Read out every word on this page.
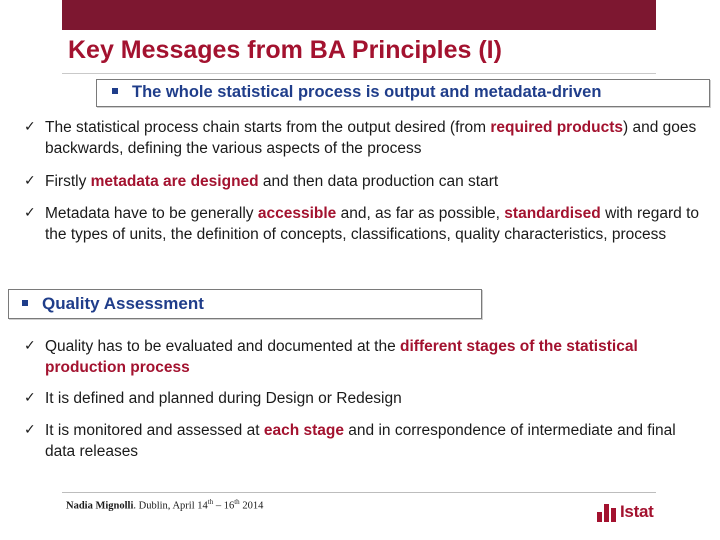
Key Messages from BA Principles (I)
The whole statistical process is output and metadata-driven
✓ The statistical process chain starts from the output desired (from required products) and goes backwards, defining the various aspects of the process
✓ Firstly metadata are designed and then data production can start
✓ Metadata have to be generally accessible and, as far as possible, standardised with regard to the types of units, the definition of concepts, classifications, quality characteristics, process
Quality Assessment
✓ Quality has to be evaluated and documented at the different stages of the statistical production process
✓ It is defined and planned during Design or Redesign
✓ It is monitored and assessed at each stage and in correspondence of intermediate and final data releases
Nadia Mignolli. Dublin, April 14th – 16th 2014	Istat
